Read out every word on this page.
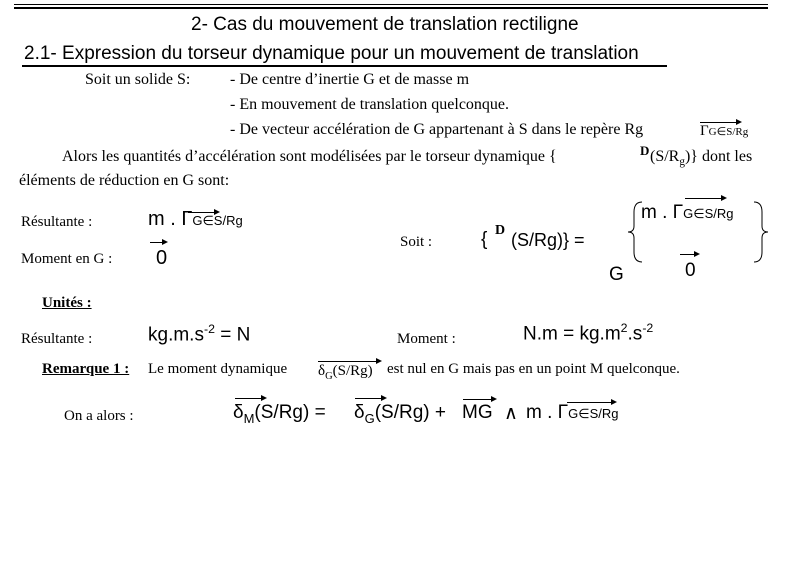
2- Cas du mouvement de translation rectiligne
2.1- Expression du torseur dynamique pour un mouvement de translation
Soit un solide S: - De centre d’inertie G et de masse m
- En mouvement de translation quelconque.
- De vecteur accélération de G appartenant à S dans le repère Rg	ΓG∈S/Rg
Alors les quantités d’accélération sont modélisées par le torseur dynamique {	D $(S/R_g)$} dont les
éléments de réduction en G sont:
Résultante :	m . ΓG∈S/Rg
Moment en G : 0
Soit :	{ D (S/Rg)} =
m . ΓG∈S/Rg
0
G
Unités :
Résultante :	$kg.m.s^{-2} = N$	Moment :	$N.m = kg.m^2.s^{-2}$
Remarque 1 : Le moment dynamique $\delta_G(S/Rg)$ est nul en G mais pas en un point M quelconque.
On a alors :	$\delta_M(S/Rg) = \delta_G(S/Rg)$ + MG ∧ m . ΓG∈S/Rg
